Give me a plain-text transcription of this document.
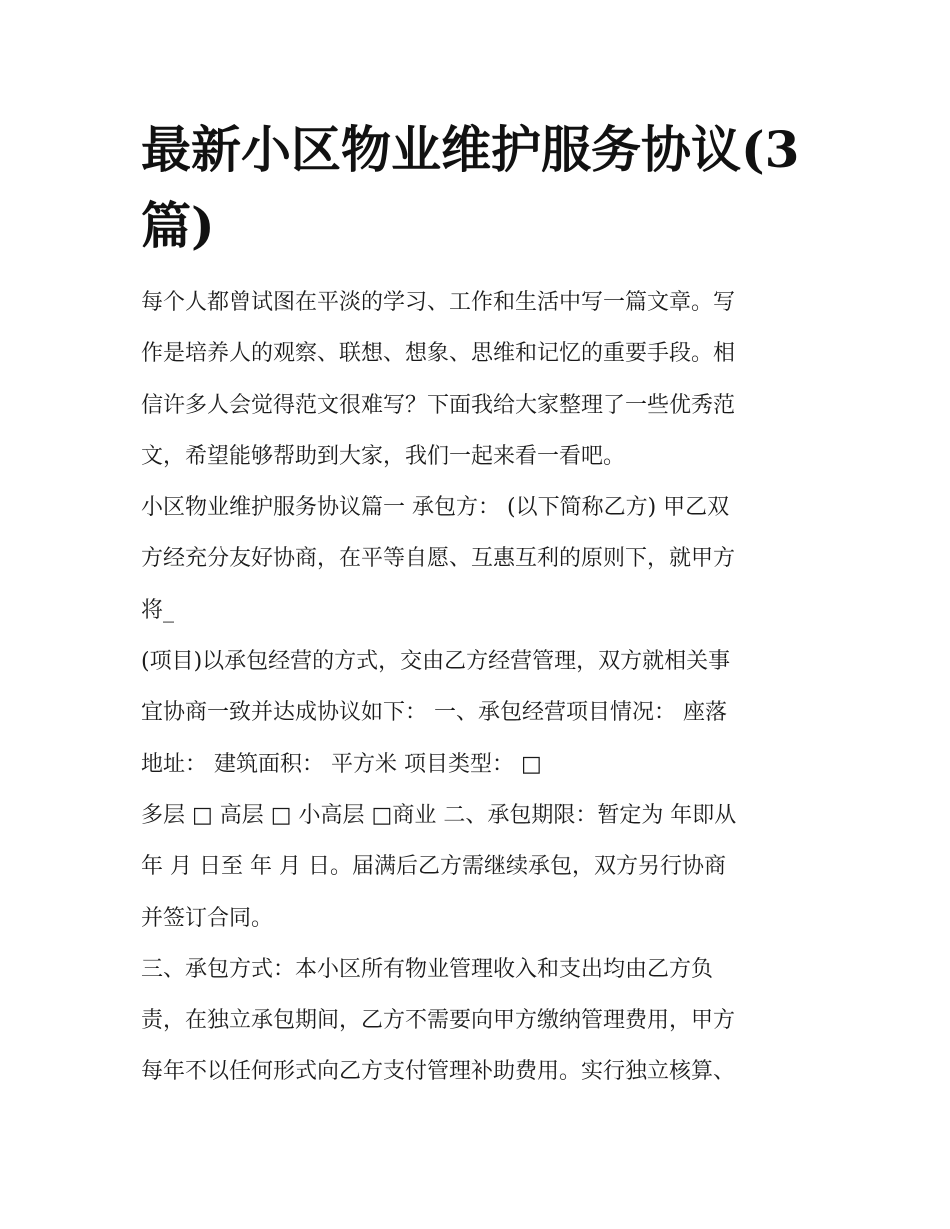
最新小区物业维护服务协议(3
篇)

每个人都曾试图在平淡的学习、工作和生活中写一篇文章。写

作是培养人的观察、联想、想象、思维和记忆的重要手段。相

信许多人会觉得范文很难写？下面我给大家整理了一些优秀范

文，希望能够帮助到大家，我们一起来看一看吧。

小区物业维护服务协议篇一 承包方： (以下简称乙方) 甲乙双

方经充分友好协商，在平等自愿、互惠互利的原则下，就甲方

将_

(项目)以承包经营的方式，交由乙方经营管理，双方就相关事

宜协商一致并达成协议如下： 一、承包经营项目情况： 座落

地址： 建筑面积： 平方米 项目类型： □

多层 □ 高层 □ 小高层 □商业 二、承包期限：暂定为 年即从

年 月 日至 年 月 日。届满后乙方需继续承包，双方另行协商

并签订合同。

三、承包方式：本小区所有物业管理收入和支出均由乙方负

责，在独立承包期间，乙方不需要向甲方缴纳管理费用，甲方

每年不以任何形式向乙方支付管理补助费用。实行独立核算、
